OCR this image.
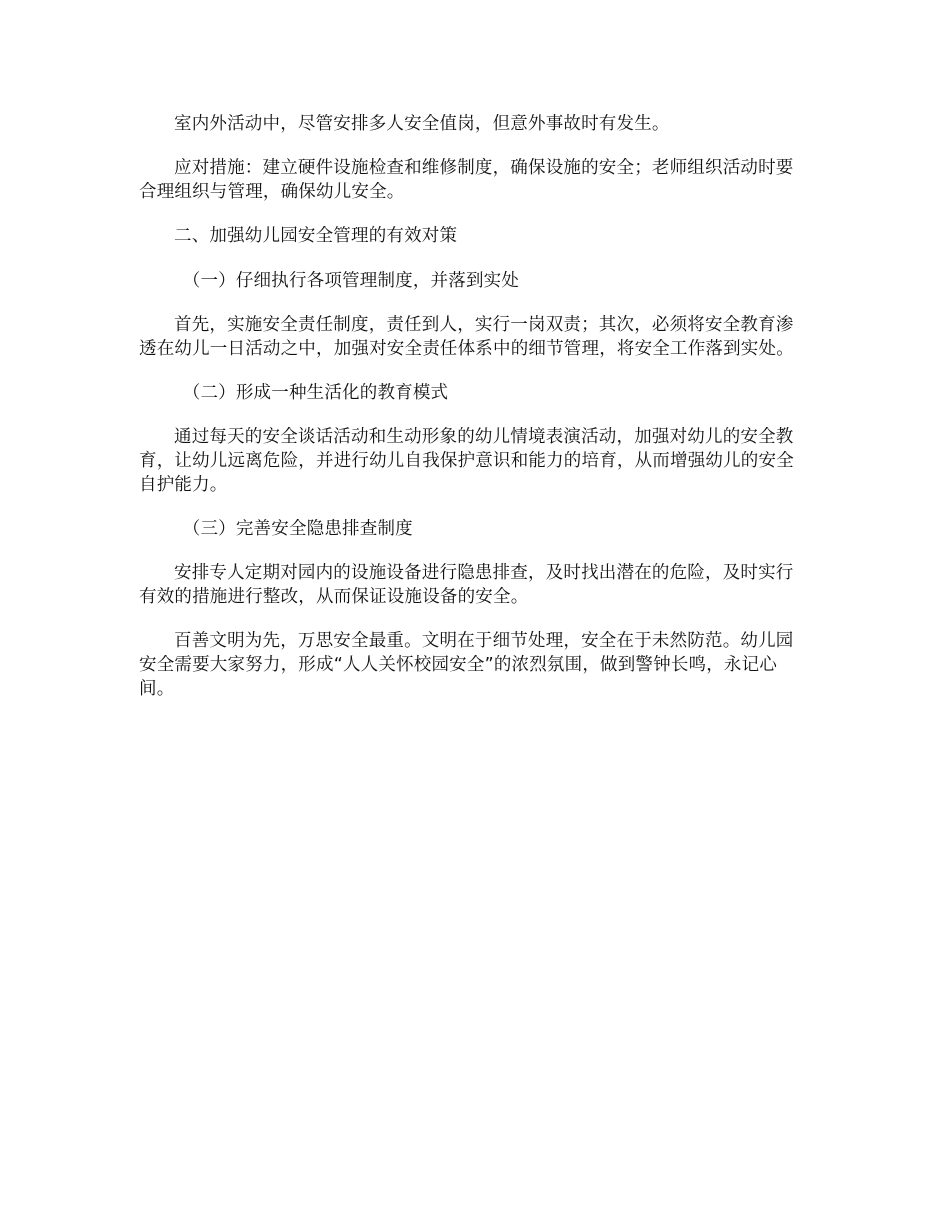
室内外活动中，尽管安排多人安全值岗，但意外事故时有发生。

应对措施：建立硬件设施检查和维修制度，确保设施的安全；老师组织活动时要合理组织与管理，确保幼儿安全。

二、加强幼儿园安全管理的有效对策

（一）仔细执行各项管理制度，并落到实处

首先，实施安全责任制度，责任到人，实行一岗双责；其次，必须将安全教育渗透在幼儿一日活动之中，加强对安全责任体系中的细节管理，将安全工作落到实处。

（二）形成一种生活化的教育模式

通过每天的安全谈话活动和生动形象的幼儿情境表演活动，加强对幼儿的安全教育，让幼儿远离危险，并进行幼儿自我保护意识和能力的培育，从而增强幼儿的安全自护能力。

（三）完善安全隐患排查制度

安排专人定期对园内的设施设备进行隐患排查，及时找出潜在的危险，及时实行有效的措施进行整改，从而保证设施设备的安全。

百善文明为先，万思安全最重。文明在于细节处理，安全在于未然防范。幼儿园安全需要大家努力，形成“人人关怀校园安全”的浓烈氛围，做到警钟长鸣，永记心间。
